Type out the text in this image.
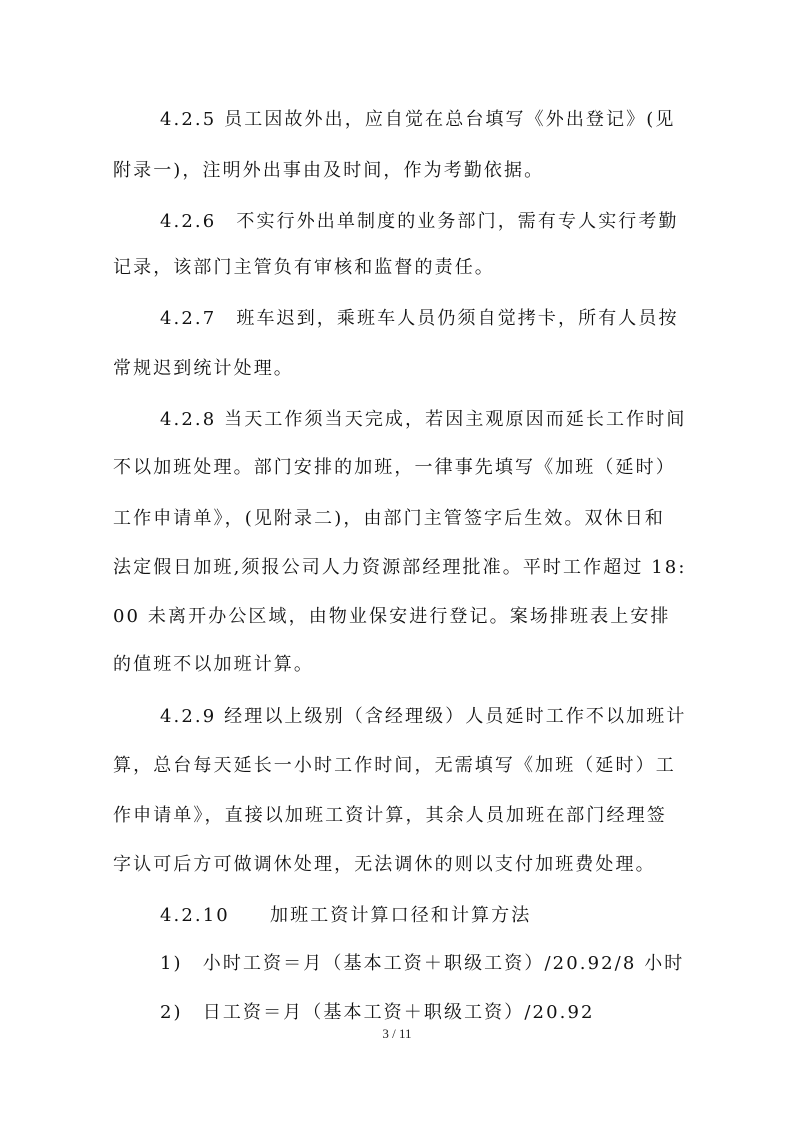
4.2.5 员工因故外出，应自觉在总台填写《外出登记》(见
附录一)，注明外出事由及时间，作为考勤依据。
4.2.6　不实行外出单制度的业务部门，需有专人实行考勤
记录，该部门主管负有审核和监督的责任。
4.2.7　班车迟到，乘班车人员仍须自觉拷卡，所有人员按
常规迟到统计处理。
4.2.8 当天工作须当天完成，若因主观原因而延长工作时间
不以加班处理。部门安排的加班，一律事先填写《加班（延时）
工作申请单》，(见附录二)，由部门主管签字后生效。双休日和
法定假日加班,须报公司人力资源部经理批准。平时工作超过 18:
00 未离开办公区域，由物业保安进行登记。案场排班表上安排
的值班不以加班计算。
4.2.9 经理以上级别（含经理级）人员延时工作不以加班计
算，总台每天延长一小时工作时间，无需填写《加班（延时）工
作申请单》，直接以加班工资计算，其余人员加班在部门经理签
字认可后方可做调休处理，无法调休的则以支付加班费处理。
4.2.10　　加班工资计算口径和计算方法
1)　小时工资＝月（基本工资＋职级工资）/20.92/8 小时
2)　日工资＝月（基本工资＋职级工资）/20.92
3 / 11
